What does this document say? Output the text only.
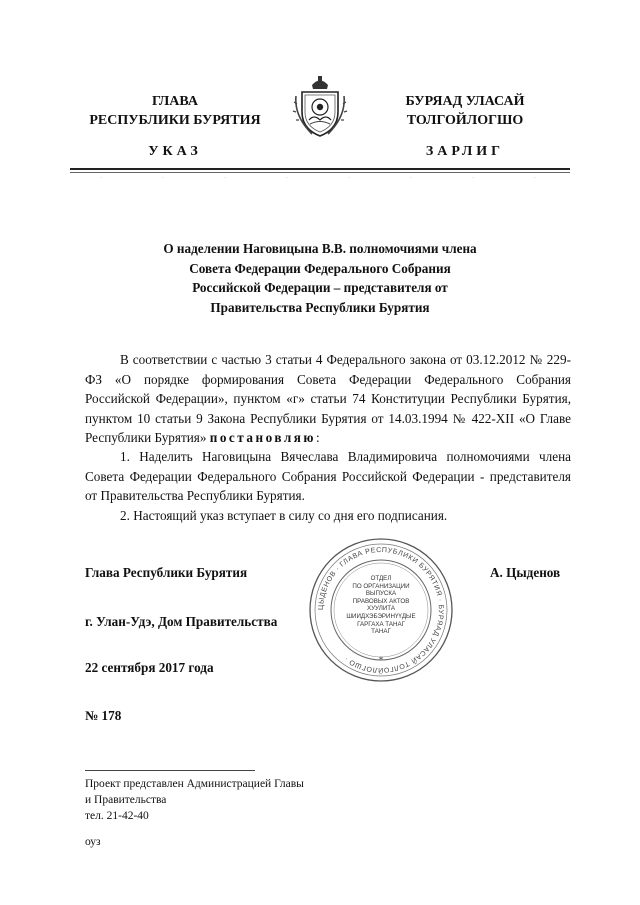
ГЛАВА
РЕСПУБЛИКИ БУРЯТИЯ
БУРЯАД УЛАСАЙ
ТОЛГОЙЛОГШО
УКАЗ	ЗАРЛИГ
О наделении Наговицына В.В. полномочиями члена
Совета Федерации Федерального Собрания
Российской Федерации – представителя от
Правительства Республики Бурятия
В соответствии с частью 3 статьи 4 Федерального закона от 03.12.2012 № 229-ФЗ «О порядке формирования Совета Федерации Федерального Собрания Российской Федерации», пунктом «г» статьи 74 Конституции Республики Бурятия, пунктом 10 статьи 9 Закона Республики Бурятия от 14.03.1994 № 422-XII «О Главе Республики Бурятия» постановляю:
1. Наделить Наговицына Вячеслава Владимировича полномочиями члена Совета Федерации Федерального Собрания Российской Федерации - представителя от Правительства Республики Бурятия.
2. Настоящий указ вступает в силу со дня его подписания.
Глава Республики Бурятия	А. Цыденов
г. Улан-Удэ, Дом Правительства
22 сентября 2017 года
№ 178
ЦЫДЕНОВ · ГЛАВА РЕСПУБЛИКИ БУРЯТИЯ · БУРЯАД УЛАСАЙ ТОЛГОЙЛОГШО ·	*
ОТДЕЛ
ПО ОРГАНИЗАЦИИ
ВЫПУСКА
ПРАВОВЫХ АКТОВ
ХУУЛИТА
ШИИДХЭБЭРИНҮҮДЫЕ
ГАРГАХА ТАHАГ
ТАHАГ
Проект представлен Администрацией Главы
и Правительства
тел. 21-42-40
оуз
